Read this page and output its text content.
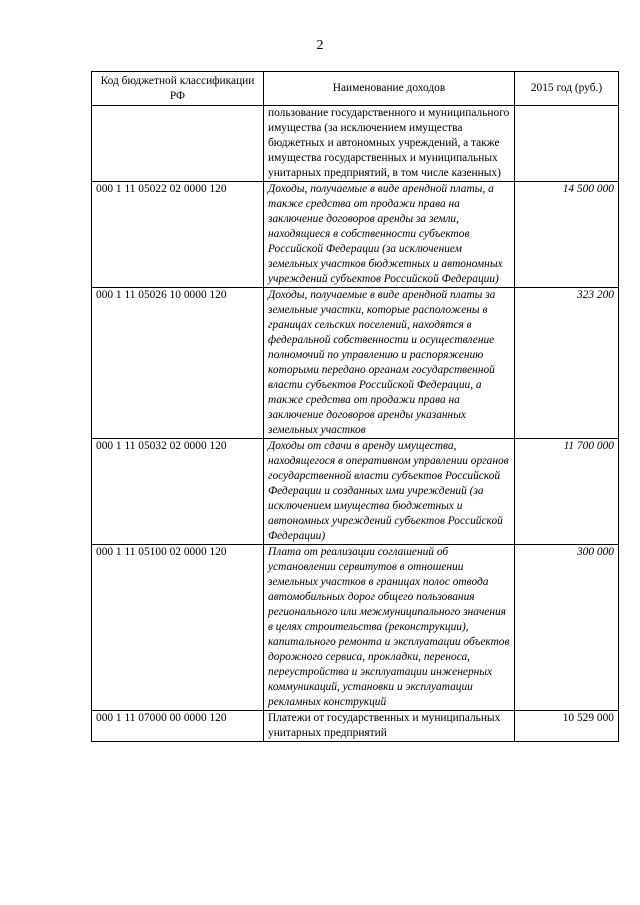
2
Код бюджетной классификации РФ	Наименование доходов	2015 год (руб.)
	пользование государственного и муниципального имущества (за исключением имущества бюджетных и автономных учреждений, а также имущества государственных и муниципальных унитарных предприятий, в том числе казенных)	
000 1 11 05022 02 0000 120	Доходы, получаемые в виде арендной платы, а также средства от продажи права на заключение договоров аренды за земли, находящиеся в собственности субъектов Российской Федерации (за исключением земельных участков бюджетных и автономных учреждений субъектов Российской Федерации)	14 500 000
000 1 11 05026 10 0000 120	Доходы, получаемые в виде арендной платы за земельные участки, которые расположены в границах сельских поселений, находятся в федеральной собственности и осуществление полномочий по управлению и распоряжению которыми передано органам государственной власти субъектов Российской Федерации, а также средства от продажи права на заключение договоров аренды указанных земельных участков	323 200
000 1 11 05032 02 0000 120	Доходы от сдачи в аренду имущества, находящегося в оперативном управлении органов государственной власти субъектов Российской Федерации и созданных ими учреждений (за исключением имущества бюджетных и автономных учреждений субъектов Российской Федерации)	11 700 000
000 1 11 05100 02 0000 120	Плата от реализации соглашений об установлении сервитутов в отношении земельных участков в границах полос отвода автомобильных дорог общего пользования регионального или межмуниципального значения в целях строительства (реконструкции), капитального ремонта и эксплуатации объектов дорожного сервиса, прокладки, переноса, переустройства и эксплуатации инженерных коммуникаций, установки и эксплуатации рекламных конструкций	300 000
000 1 11 07000 00 0000 120	Платежи от государственных и муниципальных унитарных предприятий	10 529 000
